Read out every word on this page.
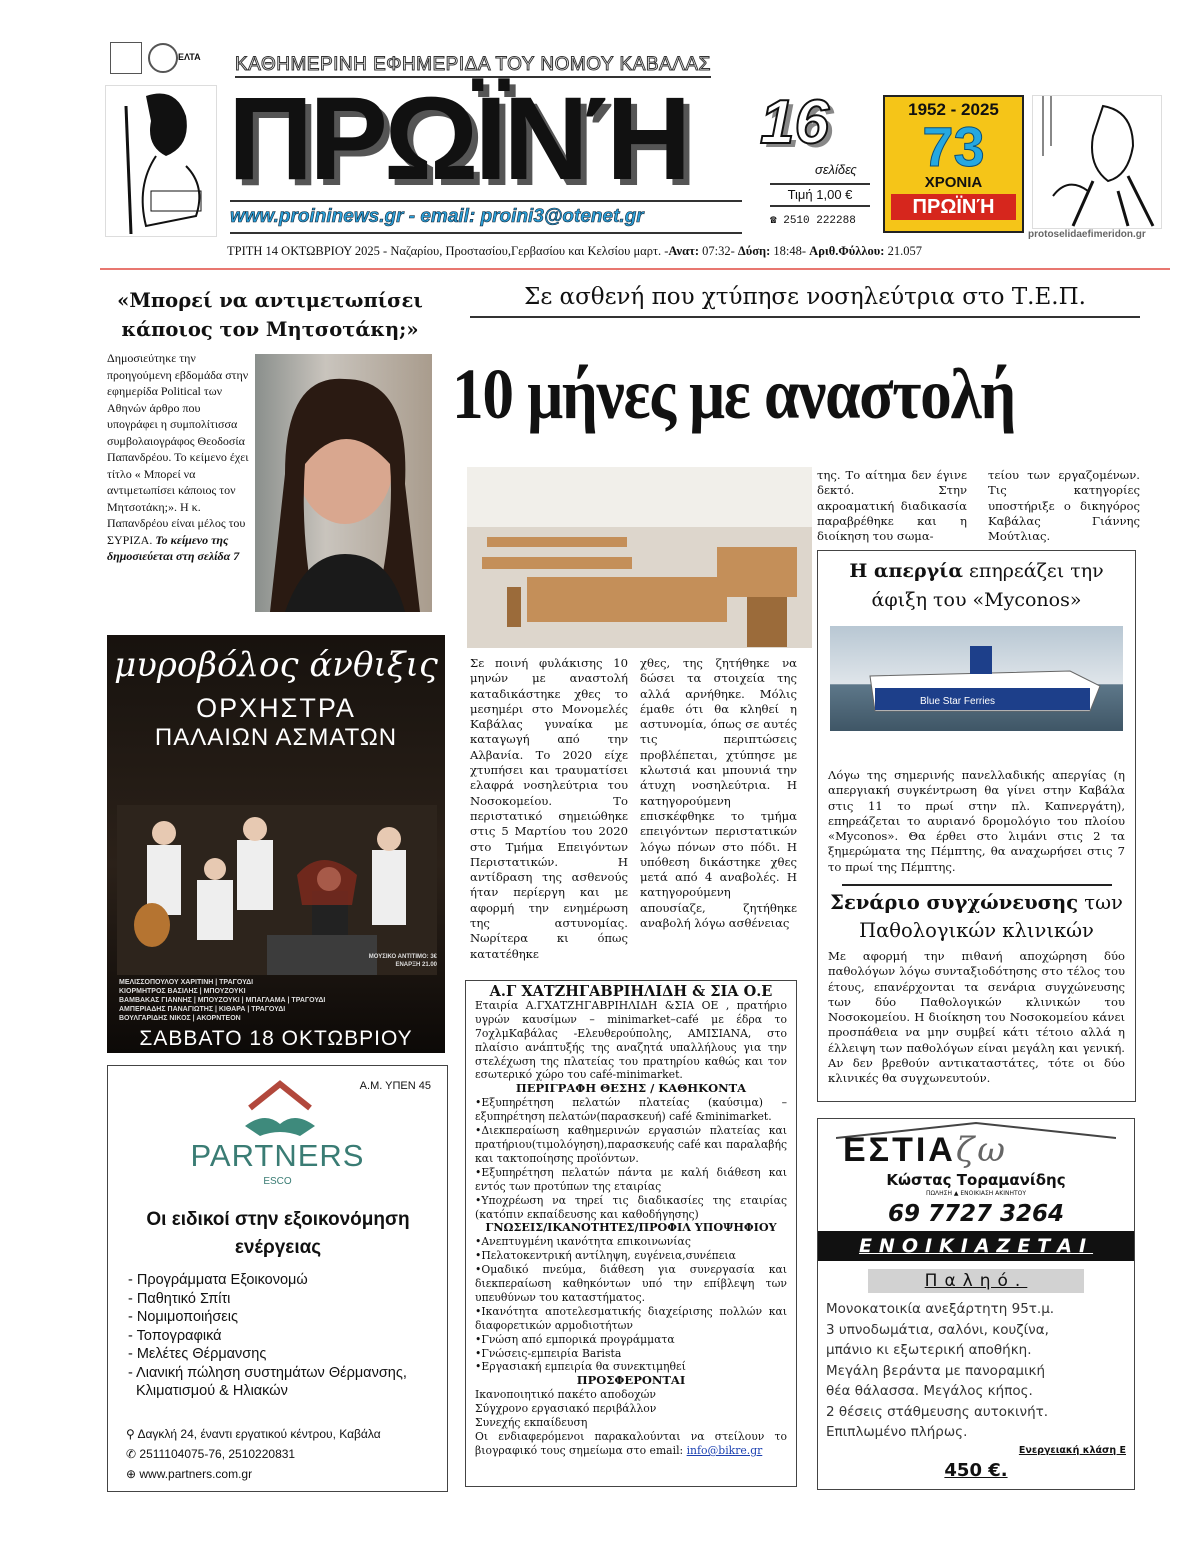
ΕΛΤΑ ΚΑΘΗΜΕΡΙΝΗ ΕΦΗΜΕΡΙΔΑ ΤΟΥ ΝΟΜΟΥ ΚΑΒΑΛΑΣ
ΠΡΩΪΝΉ
www.proininews.gr - email: proini3@otenet.gr
16
σελίδες
Τιμή 1,00 €
☎ 2510 222288
1952 - 2025
73
ΧΡΟΝΙΑ
ΠΡΩΪΝΉ
ΤΡΙΤΗ 14 ΟΚΤΩΒΡΙΟΥ 2025 - Ναζαρίου, Προστασίου,Γερβασίου και Κελσίου μαρτ. -Ανατ: 07:32- Δύση: 18:48- Αριθ.Φύλλου: 21.057
protoselidaefimeridon.gr
«Μπορεί να αντιμετωπίσει κάποιος τον Μητσοτάκη;»
Δημοσιεύτηκε την προηγούμενη εβδομάδα στην εφημερίδα Political των Αθηνών άρθρο που υπογράφει η συμπολίτισσα συμβολαιογράφος Θεοδοσία Παπανδρέου. Το κείμενο έχει τίτλο « Μπορεί να αντιμετωπίσει κάποιος τον Μητσοτάκη;». Η κ. Παπανδρέου είναι μέλος του ΣΥΡΙΖΑ. Το κείμενο της δημοσιεύεται στη σελίδα 7
μυροβόλος άνθιξις
ΟΡΧΗΣΤΡΑ
ΠΑΛΑΙΩΝ ΑΣΜΑΤΩΝ
ΜΟΥΣΙΚΟ ΑΝΤΙΤΙΜΟ: 3€
ΕΝΑΡΞΗ 21.00
ΜΕΛΙΣΣΟΠΟΥΛΟΥ ΧΑΡΙΤΙΝΗ | ΤΡΑΓΟΥΔΙ
ΚΙΟΡΜΗΤΡΟΣ ΒΑΣΙΛΗΣ | ΜΠΟΥΖΟΥΚΙ
ΒΑΜΒΑΚΑΣ ΓΙΑΝΝΗΣ | ΜΠΟΥΖΟΥΚΙ | ΜΠΑΓΛΑΜΑ | ΤΡΑΓΟΥΔΙ
ΑΜΠΕΡΙΑΔΗΣ ΠΑΝΑΓΙΩΤΗΣ | ΚΙΘΑΡΑ | ΤΡΑΓΟΥΔΙ
ΒΟΥΛΓΑΡΙΔΗΣ ΝΙΚΟΣ | ΑΚΟΡΝΤΕΟΝ
ΣΑΒΒΑΤΟ 18 ΟΚΤΩΒΡΙΟΥ
Α.Μ. ΥΠΕΝ 45
PARTNERS
ESCO
Οι ειδικοί στην εξοικονόμηση ενέργειας
- Προγράμματα Εξοικονομώ
- Παθητικό Σπίτι
- Νομιμοποιήσεις
- Τοπογραφικά
- Μελέτες Θέρμανσης
- Λιανική πώληση συστημάτων Θέρμανσης, Κλιματισμού & Ηλιακών
⚲ Δαγκλή 24, έναντι εργατικού κέντρου, Καβάλα
✆ 2511104075-76, 2510220831
⊕ www.partners.com.gr
Σε ασθενή που χτύπησε νοσηλεύτρια στο Τ.Ε.Π.
10 μήνες με αναστολή
Σε ποινή φυλάκισης 10 μηνών με αναστολή καταδικάστηκε χθες το μεσημέρι στο Μονομελές Καβάλας γυναίκα με καταγωγή από την Αλβανία. Το 2020 είχε χτυπήσει και τραυματίσει ελαφρά νοσηλεύτρια του Νοσοκομείου. Το περιστατικό σημειώθηκε στις 5 Μαρτίου του 2020 στο Τμήμα Επειγόντων Περιστατικών. Η αντίδραση της ασθενούς ήταν περίεργη και με αφορμή την ενημέρωση της αστυνομίας. Νωρίτερα κι όπως κατατέθηκε
χθες, της ζητήθηκε να δώσει τα στοιχεία της αλλά αρνήθηκε. Μόλις έμαθε ότι θα κληθεί η αστυνομία, όπως σε αυτές τις περιπτώσεις προβλέπεται, χτύπησε με κλωτσιά και μπουνιά την άτυχη νοσηλεύτρια. Η κατηγορούμενη επισκέφθηκε το τμήμα επειγόντων περιστατικών λόγω πόνων στο πόδι. Η υπόθεση δικάστηκε χθες μετά από 4 αναβολές. Η κατηγορούμενη απουσίαζε, ζητήθηκε αναβολή λόγω ασθένειας
της. Το αίτημα δεν έγινε δεκτό. Στην ακροαματική διαδικασία παραβρέθηκε και η διοίκηση του σωμα-
τείου των εργαζομένων. Τις κατηγορίες υποστήριξε ο δικηγόρος Καβάλας Γιάννης Μούτλιας.
Α.Γ ΧΑΤΖΗΓΑΒΡΙΗΛΙΔΗ & ΣΙΑ Ο.Ε
Εταιρία Α.ΓΧΑΤΖΗΓΑΒΡΙΗΛΙΔΗ &ΣΙΑ ΟΕ , πρατήριο υγρών καυσίμων – minimarket–café με έδρα το 7οχλμΚαβάλας -Ελευθερούπολης, ΑΜΙΣΙΑΝΑ, στο πλαίσιο ανάπτυξής της αναζητά υπαλλήλους για την στελέχωση της πλατείας του πρατηρίου καθώς και τον εσωτερικό χώρο του café-minimarket.
ΠΕΡΙΓΡΑΦΗ ΘΕΣΗΣ / ΚΑΘΗΚΟΝΤΑ
•Εξυπηρέτηση πελατών πλατείας (καύσιμα) – εξυπηρέτηση πελατών(παρασκευή) café &minimarket.
•Διεκπεραίωση καθημερινών εργασιών πλατείας και πρατήριου(τιμολόγηση),παρασκευής café και παραλαβής και τακτοποίησης προϊόντων.
•Εξυπηρέτηση πελατών πάντα με καλή διάθεση και εντός των προτύπων της εταιρίας
•Υποχρέωση να τηρεί τις διαδικασίες της εταιρίας (κατόπιν εκπαίδευσης και καθοδήγησης)
ΓΝΩΣΕΙΣ/ΙΚΑΝΟΤΗΤΕΣ/ΠΡΟΦΙΛ ΥΠΟΨΗΦΙΟΥ
•Ανεπτυγμένη ικανότητα επικοινωνίας
•Πελατοκεντρική αντίληψη, ευγένεια,συνέπεια
•Ομαδικό πνεύμα, διάθεση για συνεργασία και διεκπεραίωση καθηκόντων υπό την επίβλεψη των υπευθύνων του καταστήματος.
•Ικανότητα αποτελεσματικής διαχείρισης πολλών και διαφορετικών αρμοδιοτήτων
•Γνώση από εμπορικά προγράμματα
•Γνώσεις-εμπειρία Barista
•Εργασιακή εμπειρία θα συνεκτιμηθεί
ΠΡΟΣΦΕΡΟΝΤΑΙ
Ικανοποιητικό πακέτο αποδοχών
Σύγχρονο εργασιακό περιβάλλον
Συνεχής εκπαίδευση
Οι ενδιαφερόμενοι παρακαλούνται να στείλουν το βιογραφικό τους σημείωμα στο email: info@bikre.gr
Η απεργία επηρεάζει την άφιξη του «Myconos»
Blue Star Ferries
Λόγω της σημερινής πανελλαδικής απεργίας (η απεργιακή συγκέντρωση θα γίνει στην Καβάλα στις 11 το πρωί στην πλ. Καπνεργάτη), επηρεάζεται το αυριανό δρομολόγιο του πλοίου «Myconos». Θα έρθει στο λιμάνι στις 2 τα ξημερώματα της Πέμπτης, θα αναχωρήσει στις 7 το πρωί της Πέμπτης.
Σενάριο συγχώνευσης των Παθολογικών κλινικών
Με αφορμή την πιθανή αποχώρηση δύο παθολόγων λόγω συνταξιοδότησης στο τέλος του έτους, επανέρχονται τα σενάρια συγχώνευσης των δύο Παθολογικών κλινικών του Νοσοκομείου. Η διοίκηση του Νοσοκομείου κάνει προσπάθεια να μην συμβεί κάτι τέτοιο αλλά η έλλειψη των παθολόγων είναι μεγάλη και γενική. Αν δεν βρεθούν αντικαταστάτες, τότε οι δύο κλινικές θα συγχωνευτούν.
ΕΣΤΙΑζω
Κώστας Τοραμανίδης
ΠΩΛΗΣΗ ▲ ΕΝΟΙΚΙΑΣΗ ΑΚΙΝΗΤΟΥ
69 7727 3264
ΕΝΟΙΚΙΑΖΕΤΑΙ
Παληό.
Μονοκατοικία ανεξάρτητη 95τ.μ.
3 υπνοδωμάτια, σαλόνι, κουζίνα,
μπάνιο κι εξωτερική αποθήκη.
Μεγάλη βεράντα με πανοραμική
θέα θάλασσα. Μεγάλος κήπος.
2 θέσεις στάθμευσης αυτοκινήτ.
Επιπλωμένο πλήρως.
Ενεργειακή κλάση Ε
450 €.
